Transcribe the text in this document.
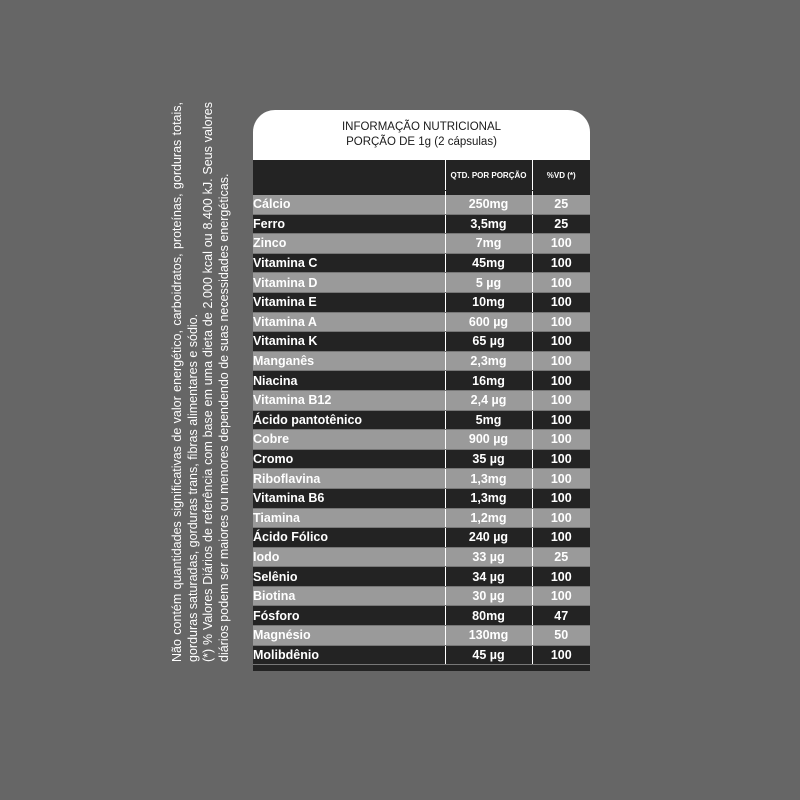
Não contém quantidades significativas de valor energético, carboidratos, proteínas, gorduras totais, gorduras saturadas, gorduras trans, fibras alimentares e sódio. (*) % Valores Diários de referência com base em uma dieta de 2.000 kcal ou 8.400 kJ. Seus valores diários podem ser maiores ou menores dependendo de suas necessidades energéticas.

INFORMAÇÃO NUTRICIONAL
PORÇÃO DE 1g (2 cápsulas)
	QTD. POR PORÇÃO	%VD (*)

Cálcio	250mg	25
Ferro	3,5mg	25
Zinco	7mg	100
Vitamina C	45mg	100
Vitamina D	5 µg	100
Vitamina E	10mg	100
Vitamina A	600 µg	100
Vitamina K	65 µg	100
Manganês	2,3mg	100
Niacina	16mg	100
Vitamina B12	2,4 µg	100
Ácido pantotênico	5mg	100
Cobre	900 µg	100
Cromo	35 µg	100
Riboflavina	1,3mg	100
Vitamina B6	1,3mg	100
Tiamina	1,2mg	100
Ácido Fólico	240 µg	100
Iodo	33 µg	25
Selênio	34 µg	100
Biotina	30 µg	100
Fósforo	80mg	47
Magnésio	130mg	50
Molibdênio	45 µg	100
